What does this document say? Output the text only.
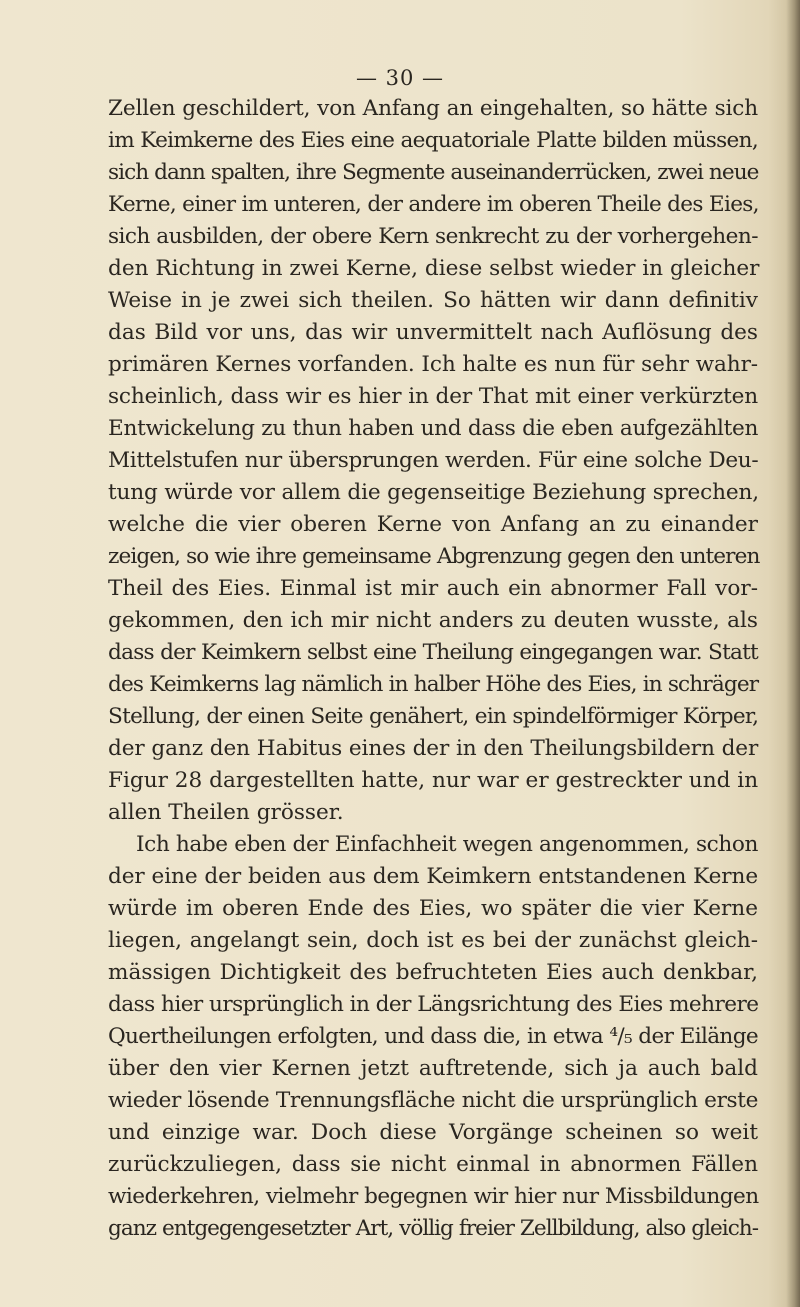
— 30 —
Zellen geschildert, von Anfang an eingehalten, so hätte sich
im Keimkerne des Eies eine aequatoriale Platte bilden müssen,
sich dann spalten, ihre Segmente auseinanderrücken, zwei neue
Kerne, einer im unteren, der andere im oberen Theile des Eies,
sich ausbilden, der obere Kern senkrecht zu der vorhergehen-
den Richtung in zwei Kerne, diese selbst wieder in gleicher
Weise in je zwei sich theilen. So hätten wir dann definitiv
das Bild vor uns, das wir unvermittelt nach Auflösung des
primären Kernes vorfanden. Ich halte es nun für sehr wahr-
scheinlich, dass wir es hier in der That mit einer verkürzten
Entwickelung zu thun haben und dass die eben aufgezählten
Mittelstufen nur übersprungen werden. Für eine solche Deu-
tung würde vor allem die gegenseitige Beziehung sprechen,
welche die vier oberen Kerne von Anfang an zu einander
zeigen, so wie ihre gemeinsame Abgrenzung gegen den unteren
Theil des Eies. Einmal ist mir auch ein abnormer Fall vor-
gekommen, den ich mir nicht anders zu deuten wusste, als
dass der Keimkern selbst eine Theilung eingegangen war. Statt
des Keimkerns lag nämlich in halber Höhe des Eies, in schräger
Stellung, der einen Seite genähert, ein spindelförmiger Körper,
der ganz den Habitus eines der in den Theilungsbildern der
Figur 28 dargestellten hatte, nur war er gestreckter und in
allen Theilen grösser.
Ich habe eben der Einfachheit wegen angenommen, schon
der eine der beiden aus dem Keimkern entstandenen Kerne
würde im oberen Ende des Eies, wo später die vier Kerne
liegen, angelangt sein, doch ist es bei der zunächst gleich-
mässigen Dichtigkeit des befruchteten Eies auch denkbar,
dass hier ursprünglich in der Längsrichtung des Eies mehrere
Quertheilungen erfolgten, und dass die, in etwa ⁴/₅ der Eilänge
über den vier Kernen jetzt auftretende, sich ja auch bald
wieder lösende Trennungsfläche nicht die ursprünglich erste
und einzige war. Doch diese Vorgänge scheinen so weit
zurückzuliegen, dass sie nicht einmal in abnormen Fällen
wiederkehren, vielmehr begegnen wir hier nur Missbildungen
ganz entgegengesetzter Art, völlig freier Zellbildung, also gleich-
